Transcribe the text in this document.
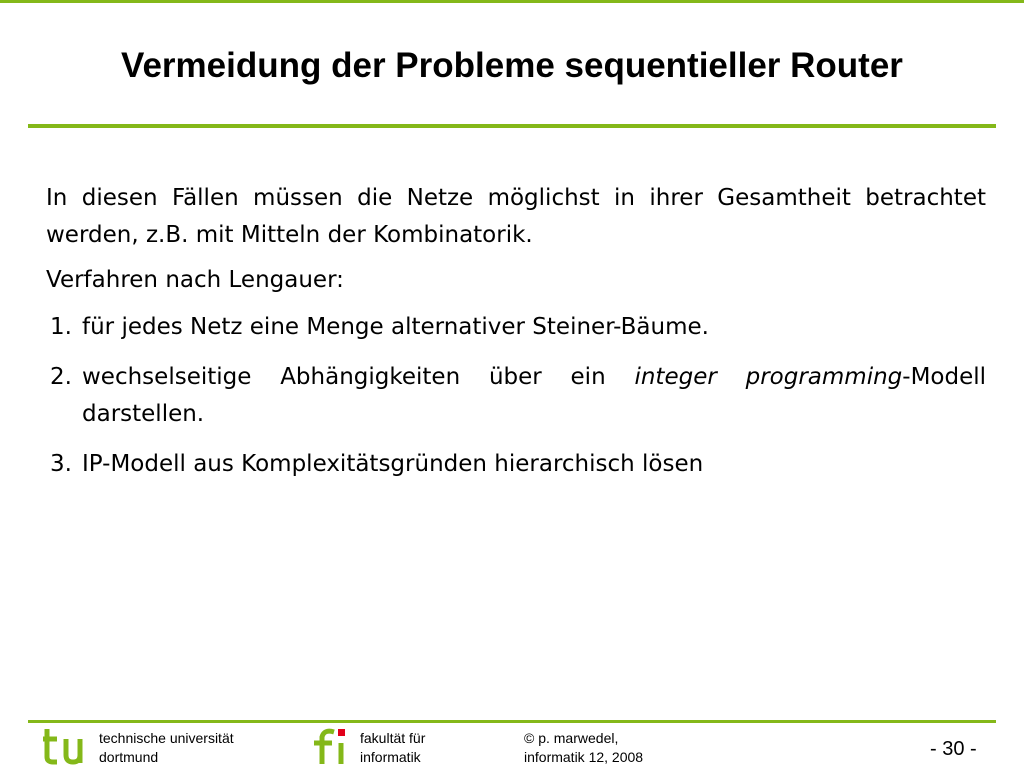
Vermeidung der Probleme sequentieller Router

In diesen Fällen müssen die Netze möglichst in ihrer Gesamtheit betrachtet werden, z.B. mit Mitteln der Kombinatorik.

Verfahren nach Lengauer:

1. für jedes Netz eine Menge alternativer Steiner-Bäume.
2. wechselseitige Abhängigkeiten über ein integer programming-Modell darstellen.
3. IP-Modell aus Komplexitätsgründen hierarchisch lösen
technische universität
dortmund
fakultät für
informatik
© p. marwedel,
informatik 12, 2008	- 30 -
